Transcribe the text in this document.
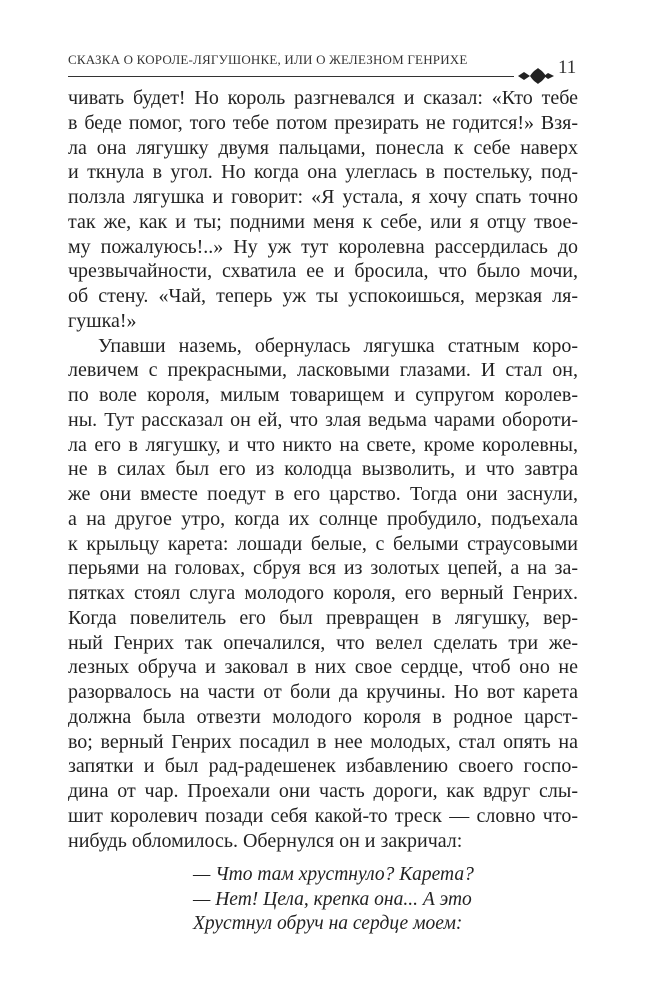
СКАЗКА О КОРОЛЕ-ЛЯГУШОНКЕ, ИЛИ О ЖЕЛЕЗНОМ ГЕНРИХЕ	11
чивать будет! Но король разгневался и сказал: «Кто тебе
в беде помог, того тебе потом презирать не годится!» Взя-
ла она лягушку двумя пальцами, понесла к себе наверх
и ткнула в угол. Но когда она улеглась в постельку, под-
ползла лягушка и говорит: «Я устала, я хочу спать точно
так же, как и ты; подними меня к себе, или я отцу твое-
му пожалуюсь!..» Ну уж тут королевна рассердилась до
чрезвычайности, схватила ее и бросила, что было мочи,
об стену. «Чай, теперь уж ты успокоишься, мерзкая ля-
гушка!»
Упавши наземь, обернулась лягушка статным коро-
левичем с прекрасными, ласковыми глазами. И стал он,
по воле короля, милым товарищем и супругом королев-
ны. Тут рассказал он ей, что злая ведьма чарами обороти-
ла его в лягушку, и что никто на свете, кроме королевны,
не в силах был его из колодца вызволить, и что завтра
же они вместе поедут в его царство. Тогда они заснули,
а на другое утро, когда их солнце пробудило, подъехала
к крыльцу карета: лошади белые, с белыми страусовыми
перьями на головах, сбруя вся из золотых цепей, а на за-
пятках стоял слуга молодого короля, его верный Генрих.
Когда повелитель его был превращен в лягушку, вер-
ный Генрих так опечалился, что велел сделать три же-
лезных обруча и заковал в них свое сердце, чтоб оно не
разорвалось на части от боли да кручины. Но вот карета
должна была отвезти молодого короля в родное царст-
во; верный Генрих посадил в нее молодых, стал опять на
запятки и был рад-радешенек избавлению своего госпо-
дина от чар. Проехали они часть дороги, как вдруг слы-
шит королевич позади себя какой-то треск — словно что-
нибудь обломилось. Обернулся он и закричал:
— Что там хрустнуло? Карета?
— Нет! Цела, крепка она... А это
Хрустнул обруч на сердце моем:
